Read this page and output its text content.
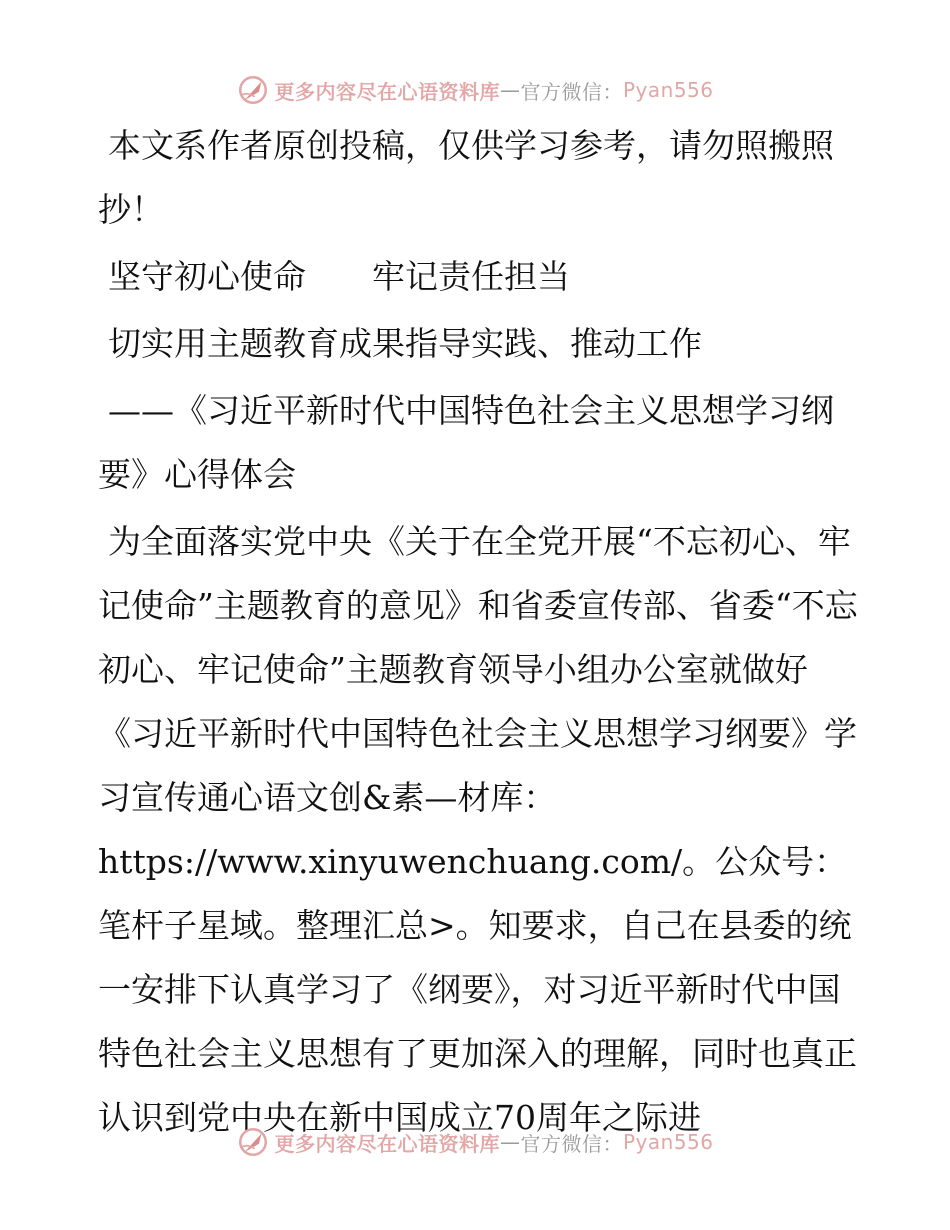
更多内容尽在心语资料库 — 官方微信： Pyan556

本文系作者原创投稿，仅供学习参考，请勿照搬照抄！

坚守初心使命　　牢记责任担当

切实用主题教育成果指导实践、推动工作

——《习近平新时代中国特色社会主义思想学习纲要》心得体会

为全面落实党中央《关于在全党开展“不忘初心、牢记使命”主题教育的意见》和省委宣传部、省委“不忘初心、牢记使命”主题教育领导小组办公室就做好《习近平新时代中国特色社会主义思想学习纲要》学习宣传通心语文创&素—材库：https://www.xinyuwenchuang.com/。公众号：笔杆子星域。整理汇总>。知要求，自己在县委的统一安排下认真学习了《纲要》，对习近平新时代中国特色社会主义思想有了更加深入的理解，同时也真正认识到党中央在新中国成立70周年之际进

更多内容尽在心语资料库 — 官方微信： Pyan556
